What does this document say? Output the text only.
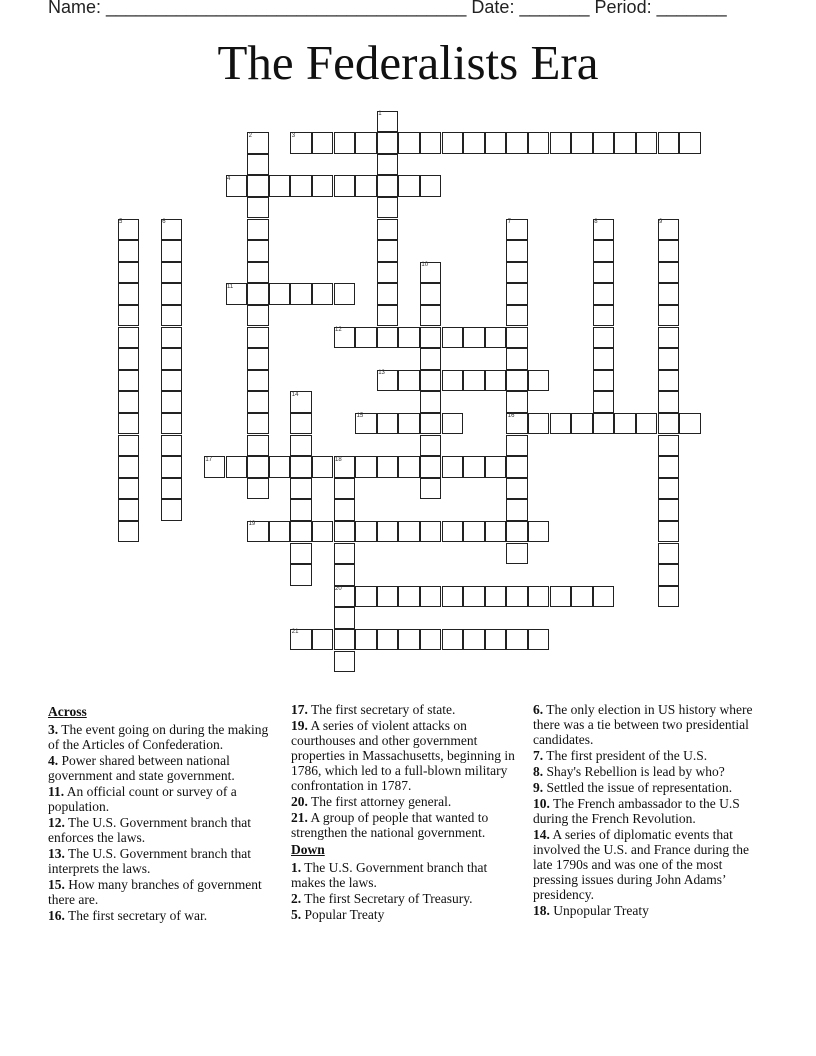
Name: ____________________________________ Date: _______ Period: _______
The Federalists Era
1
2	3
4
5	6	7	8	9
10
11
12
13
14
15	16
17	18
19
20
21
Across
3. The event going on during the making of the Articles of Confederation.
4. Power shared between national government and state government.
11. An official count or survey of a population.
12. The U.S. Government branch that enforces the laws.
13. The U.S. Government branch that interprets the laws.
15. How many branches of government there are.
16. The first secretary of war.
17. The first secretary of state.
19. A series of violent attacks on courthouses and other government properties in Massachusetts, beginning in 1786, which led to a full-blown military confrontation in 1787.
20. The first attorney general.
21. A group of people that wanted to strengthen the national government.
Down
1. The U.S. Government branch that makes the laws.
2. The first Secretary of Treasury.
5. Popular Treaty
6. The only election in US history where there was a tie between two presidential candidates.
7. The first president of the U.S.
8. Shay's Rebellion is lead by who?
9. Settled the issue of representation.
10. The French ambassador to the U.S during the French Revolution.
14. A series of diplomatic events that involved the U.S. and France during the late 1790s and was one of the most pressing issues during John Adams’ presidency.
18. Unpopular Treaty
